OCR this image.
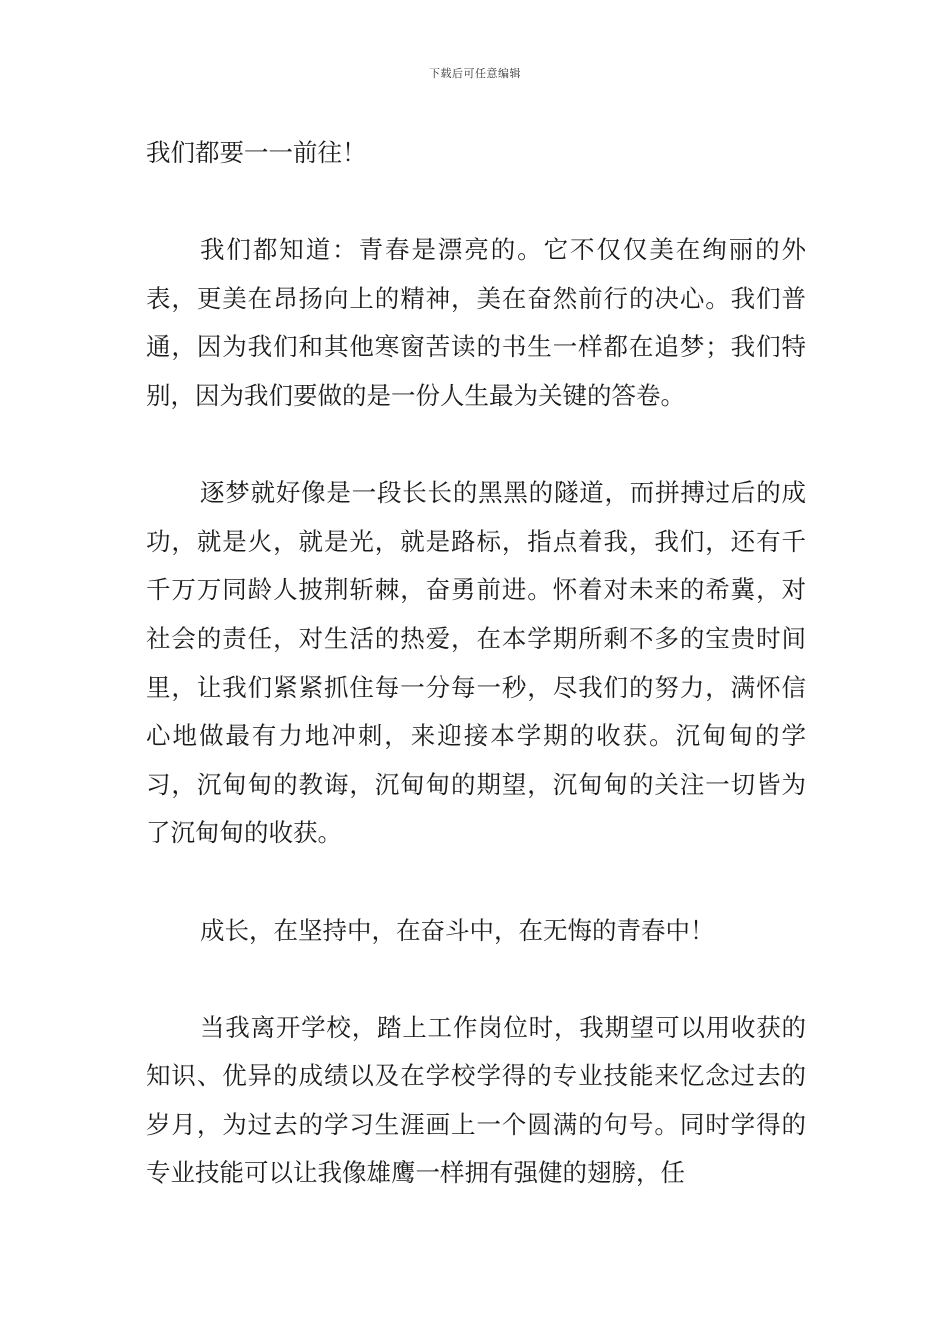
下载后可任意编辑

我们都要一一前往！

我们都知道：青春是漂亮的。它不仅仅美在绚丽的外表，更美在昂扬向上的精神，美在奋然前行的决心。我们普通，因为我们和其他寒窗苦读的书生一样都在追梦；我们特别，因为我们要做的是一份人生最为关键的答卷。

逐梦就好像是一段长长的黑黑的隧道，而拼搏过后的成功，就是火，就是光，就是路标，指点着我，我们，还有千千万万同龄人披荆斩棘，奋勇前进。怀着对未来的希冀，对社会的责任，对生活的热爱，在本学期所剩不多的宝贵时间里，让我们紧紧抓住每一分每一秒，尽我们的努力，满怀信心地做最有力地冲刺，来迎接本学期的收获。沉甸甸的学习，沉甸甸的教诲，沉甸甸的期望，沉甸甸的关注一切皆为了沉甸甸的收获。

成长，在坚持中，在奋斗中，在无悔的青春中！

当我离开学校，踏上工作岗位时，我期望可以用收获的知识、优异的成绩以及在学校学得的专业技能来忆念过去的岁月，为过去的学习生涯画上一个圆满的句号。同时学得的专业技能可以让我像雄鹰一样拥有强健的翅膀，任
